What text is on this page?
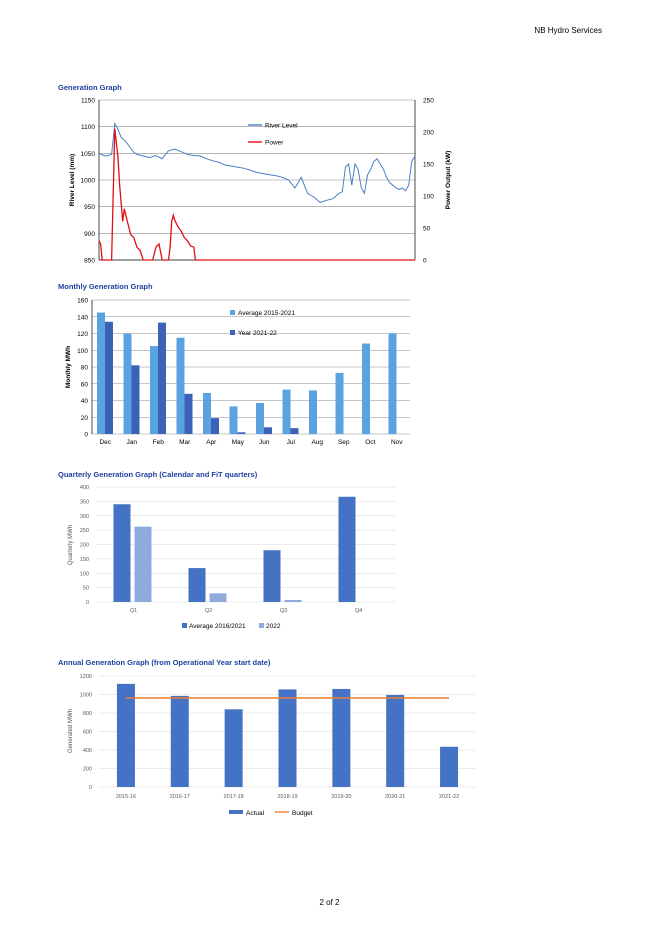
NB Hydro Services
Generation Graph
Monthly Generation Graph
Quarterly Generation Graph (Calendar and FiT quarters)
Annual Generation Graph (from Operational Year start date)
850
900
950
1000
1050
1100
1150
0
50
100
150
200
250
River Level (mm)	Power Output (kW)
River Level
Power
0
20
40
60
80
100
120
140
160
Monthly MWh
Dec Jan Feb Mar Apr May Jun	Jul	Aug Sep Oct Nov
Average 2015-2021
Year 2021-22
0
50
100
150
200
250
300
350
400
Quarterly MWh
Q1	Q2	Q3	Q4
Average 2016/2021	2022
0
200
400
600
800
1000
1200
Generated MWh
2015-16	2016-17	2017-18	2018-19	2019-20	2020-21	2021-22
Actual	Budget
2 of 2
